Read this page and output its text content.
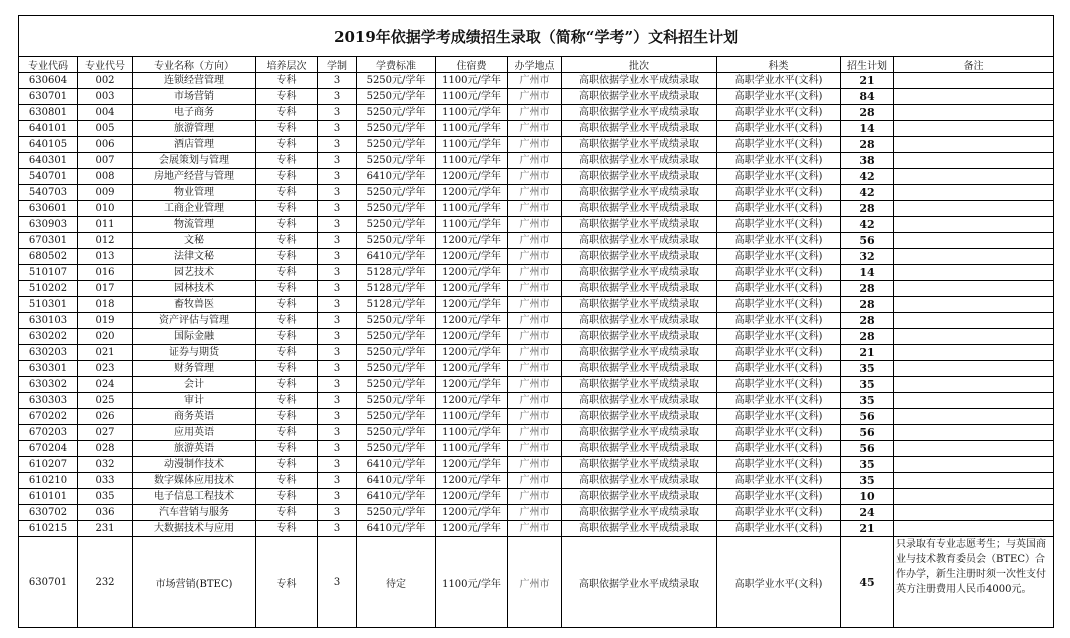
2019年依据学考成绩招生录取（简称“学考”）文科招生计划											
专业代码	专业代号	专业名称（方向）	培养层次	学制	学费标准	住宿费	办学地点	批次	科类	招生计划	备注
630604	002	连锁经营管理	专科	3	5250元/学年	1100元/学年	广州市	高职依据学业水平成绩录取	高职学业水平(文科)	21	
630701	003	市场营销	专科	3	5250元/学年	1100元/学年	广州市	高职依据学业水平成绩录取	高职学业水平(文科)	84	
630801	004	电子商务	专科	3	5250元/学年	1100元/学年	广州市	高职依据学业水平成绩录取	高职学业水平(文科)	28	
640101	005	旅游管理	专科	3	5250元/学年	1100元/学年	广州市	高职依据学业水平成绩录取	高职学业水平(文科)	14	
640105	006	酒店管理	专科	3	5250元/学年	1100元/学年	广州市	高职依据学业水平成绩录取	高职学业水平(文科)	28	
640301	007	会展策划与管理	专科	3	5250元/学年	1100元/学年	广州市	高职依据学业水平成绩录取	高职学业水平(文科)	38	
540701	008	房地产经营与管理	专科	3	6410元/学年	1200元/学年	广州市	高职依据学业水平成绩录取	高职学业水平(文科)	42	
540703	009	物业管理	专科	3	5250元/学年	1200元/学年	广州市	高职依据学业水平成绩录取	高职学业水平(文科)	42	
630601	010	工商企业管理	专科	3	5250元/学年	1100元/学年	广州市	高职依据学业水平成绩录取	高职学业水平(文科)	28	
630903	011	物流管理	专科	3	5250元/学年	1100元/学年	广州市	高职依据学业水平成绩录取	高职学业水平(文科)	42	
670301	012	文秘	专科	3	5250元/学年	1200元/学年	广州市	高职依据学业水平成绩录取	高职学业水平(文科)	56	
680502	013	法律文秘	专科	3	6410元/学年	1200元/学年	广州市	高职依据学业水平成绩录取	高职学业水平(文科)	32	
510107	016	园艺技术	专科	3	5128元/学年	1200元/学年	广州市	高职依据学业水平成绩录取	高职学业水平(文科)	14	
510202	017	园林技术	专科	3	5128元/学年	1200元/学年	广州市	高职依据学业水平成绩录取	高职学业水平(文科)	28	
510301	018	畜牧兽医	专科	3	5128元/学年	1200元/学年	广州市	高职依据学业水平成绩录取	高职学业水平(文科)	28	
630103	019	资产评估与管理	专科	3	5250元/学年	1200元/学年	广州市	高职依据学业水平成绩录取	高职学业水平(文科)	28	
630202	020	国际金融	专科	3	5250元/学年	1200元/学年	广州市	高职依据学业水平成绩录取	高职学业水平(文科)	28	
630203	021	证券与期货	专科	3	5250元/学年	1200元/学年	广州市	高职依据学业水平成绩录取	高职学业水平(文科)	21	
630301	023	财务管理	专科	3	5250元/学年	1200元/学年	广州市	高职依据学业水平成绩录取	高职学业水平(文科)	35	
630302	024	会计	专科	3	5250元/学年	1200元/学年	广州市	高职依据学业水平成绩录取	高职学业水平(文科)	35	
630303	025	审计	专科	3	5250元/学年	1200元/学年	广州市	高职依据学业水平成绩录取	高职学业水平(文科)	35	
670202	026	商务英语	专科	3	5250元/学年	1100元/学年	广州市	高职依据学业水平成绩录取	高职学业水平(文科)	56	
670203	027	应用英语	专科	3	5250元/学年	1100元/学年	广州市	高职依据学业水平成绩录取	高职学业水平(文科)	56	
670204	028	旅游英语	专科	3	5250元/学年	1100元/学年	广州市	高职依据学业水平成绩录取	高职学业水平(文科)	56	
610207	032	动漫制作技术	专科	3	6410元/学年	1200元/学年	广州市	高职依据学业水平成绩录取	高职学业水平(文科)	35	
610210	033	数字媒体应用技术	专科	3	6410元/学年	1200元/学年	广州市	高职依据学业水平成绩录取	高职学业水平(文科)	35	
610101	035	电子信息工程技术	专科	3	6410元/学年	1200元/学年	广州市	高职依据学业水平成绩录取	高职学业水平(文科)	10	
630702	036	汽车营销与服务	专科	3	5250元/学年	1200元/学年	广州市	高职依据学业水平成绩录取	高职学业水平(文科)	24	
610215	231	大数据技术与应用	专科	3	6410元/学年	1200元/学年	广州市	高职依据学业水平成绩录取	高职学业水平(文科)	21	
630701	232	市场营销(BTEC)	专科	3	待定	1100元/学年	广州市	高职依据学业水平成绩录取	高职学业水平(文科)	45	只录取有专业志愿考生；与英国商业与技术教育委员会（BTEC）合作办学，新生注册时须一次性支付英方注册费用人民币4000元。
